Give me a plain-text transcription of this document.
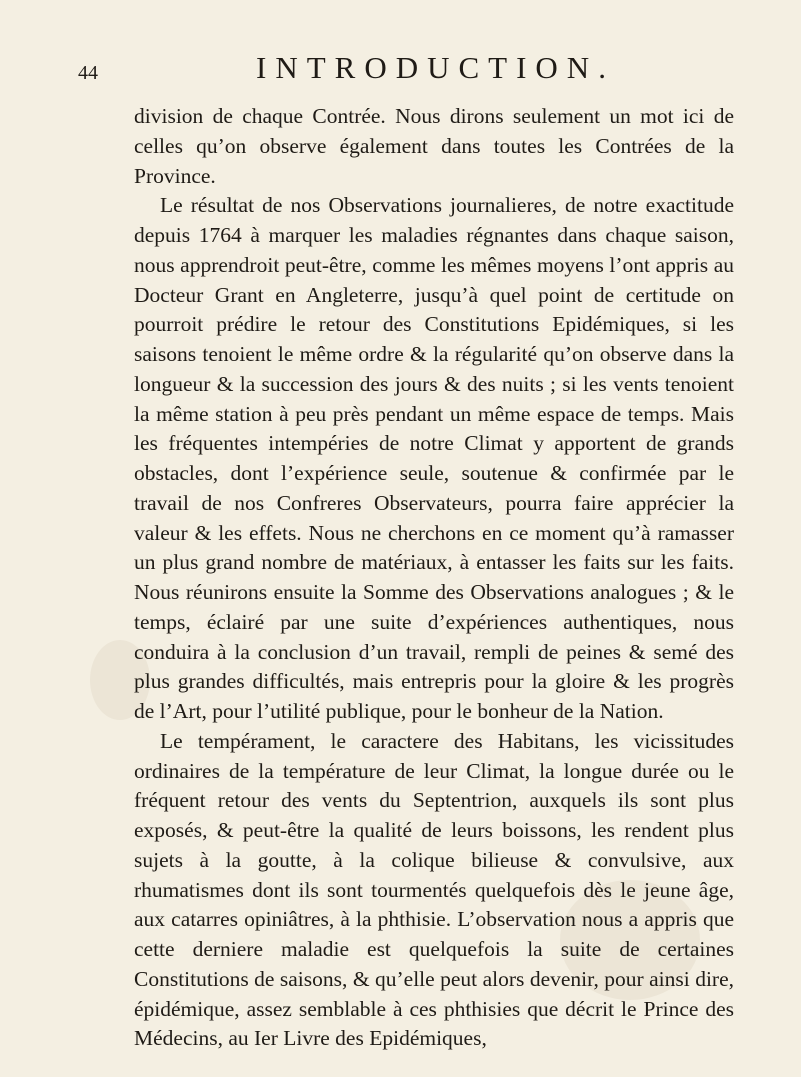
44	INTRODUCTION.

division de chaque Contrée. Nous dirons seulement un mot ici de celles qu’on observe également dans toutes les Contrées de la Province.

Le résultat de nos Observations journalieres, de notre exactitude depuis 1764 à marquer les maladies régnantes dans chaque saison, nous apprendroit peut-être, comme les mêmes moyens l’ont appris au Docteur Grant en Angleterre, jusqu’à quel point de certitude on pourroit prédire le retour des Constitutions Epidémiques, si les saisons tenoient le même ordre & la régularité qu’on observe dans la longueur & la succession des jours & des nuits ; si les vents tenoient la même station à peu près pendant un même espace de temps. Mais les fréquentes intempéries de notre Climat y apportent de grands obstacles, dont l’expérience seule, soutenue & confirmée par le travail de nos Confreres Observateurs, pourra faire apprécier la valeur & les effets. Nous ne cherchons en ce moment qu’à ramasser un plus grand nombre de matériaux, à entasser les faits sur les faits. Nous réunirons ensuite la Somme des Observations analogues ; & le temps, éclairé par une suite d’expériences authentiques, nous conduira à la conclusion d’un travail, rempli de peines & semé des plus grandes difficultés, mais entrepris pour la gloire & les progrès de l’Art, pour l’utilité publique, pour le bonheur de la Nation.

Le tempérament, le caractere des Habitans, les vicissitudes ordinaires de la température de leur Climat, la longue durée ou le fréquent retour des vents du Septentrion, auxquels ils sont plus exposés, & peut-être la qualité de leurs boissons, les rendent plus sujets à la goutte, à la colique bilieuse & convulsive, aux rhumatismes dont ils sont tourmentés quelquefois dès le jeune âge, aux catarres opiniâtres, à la phthisie. L’observation nous a appris que cette derniere maladie est quelquefois la suite de certaines Constitutions de saisons, & qu’elle peut alors devenir, pour ainsi dire, épidémique, assez semblable à ces phthisies que décrit le Prince des Médecins, au Ier Livre des Epidémiques,
